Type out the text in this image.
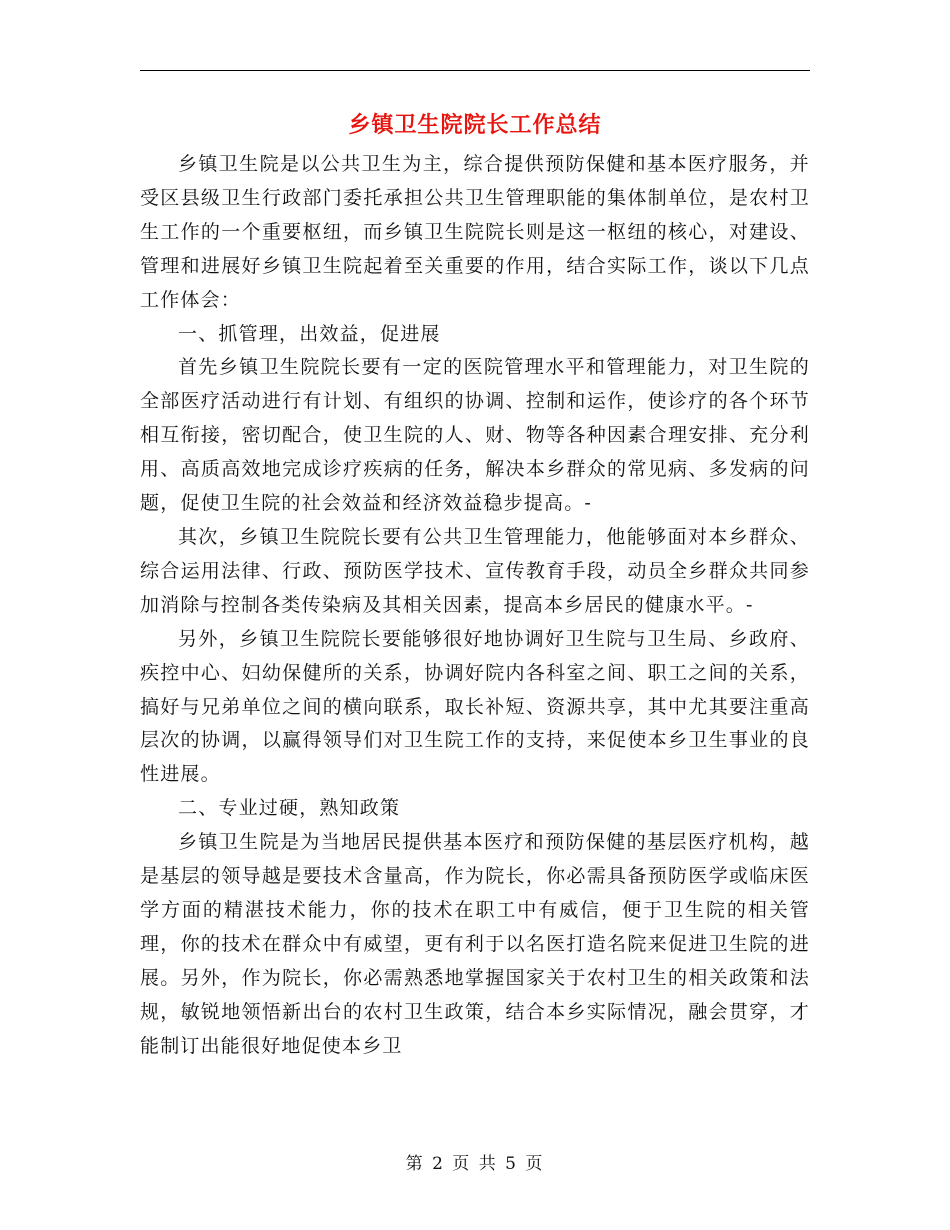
乡镇卫生院院长工作总结

乡镇卫生院是以公共卫生为主，综合提供预防保健和基本医疗服务，并受区县级卫生行政部门委托承担公共卫生管理职能的集体制单位，是农村卫生工作的一个重要枢纽，而乡镇卫生院院长则是这一枢纽的核心，对建设、管理和进展好乡镇卫生院起着至关重要的作用，结合实际工作，谈以下几点工作体会：

一、抓管理，出效益，促进展

首先乡镇卫生院院长要有一定的医院管理水平和管理能力，对卫生院的全部医疗活动进行有计划、有组织的协调、控制和运作，使诊疗的各个环节相互衔接，密切配合，使卫生院的人、财、物等各种因素合理安排、充分利用、高质高效地完成诊疗疾病的任务，解决本乡群众的常见病、多发病的问题，促使卫生院的社会效益和经济效益稳步提高。-

其次，乡镇卫生院院长要有公共卫生管理能力，他能够面对本乡群众、综合运用法律、行政、预防医学技术、宣传教育手段，动员全乡群众共同参加消除与控制各类传染病及其相关因素，提高本乡居民的健康水平。-

另外，乡镇卫生院院长要能够很好地协调好卫生院与卫生局、乡政府、疾控中心、妇幼保健所的关系，协调好院内各科室之间、职工之间的关系，搞好与兄弟单位之间的横向联系，取长补短、资源共享，其中尤其要注重高层次的协调，以赢得领导们对卫生院工作的支持，来促使本乡卫生事业的良性进展。

二、专业过硬，熟知政策

乡镇卫生院是为当地居民提供基本医疗和预防保健的基层医疗机构，越是基层的领导越是要技术含量高，作为院长，你必需具备预防医学或临床医学方面的精湛技术能力，你的技术在职工中有威信，便于卫生院的相关管理，你的技术在群众中有威望，更有利于以名医打造名院来促进卫生院的进展。另外，作为院长，你必需熟悉地掌握国家关于农村卫生的相关政策和法规，敏锐地领悟新出台的农村卫生政策，结合本乡实际情况，融会贯穿，才能制订出能很好地促使本乡卫

第 2 页 共 5 页
